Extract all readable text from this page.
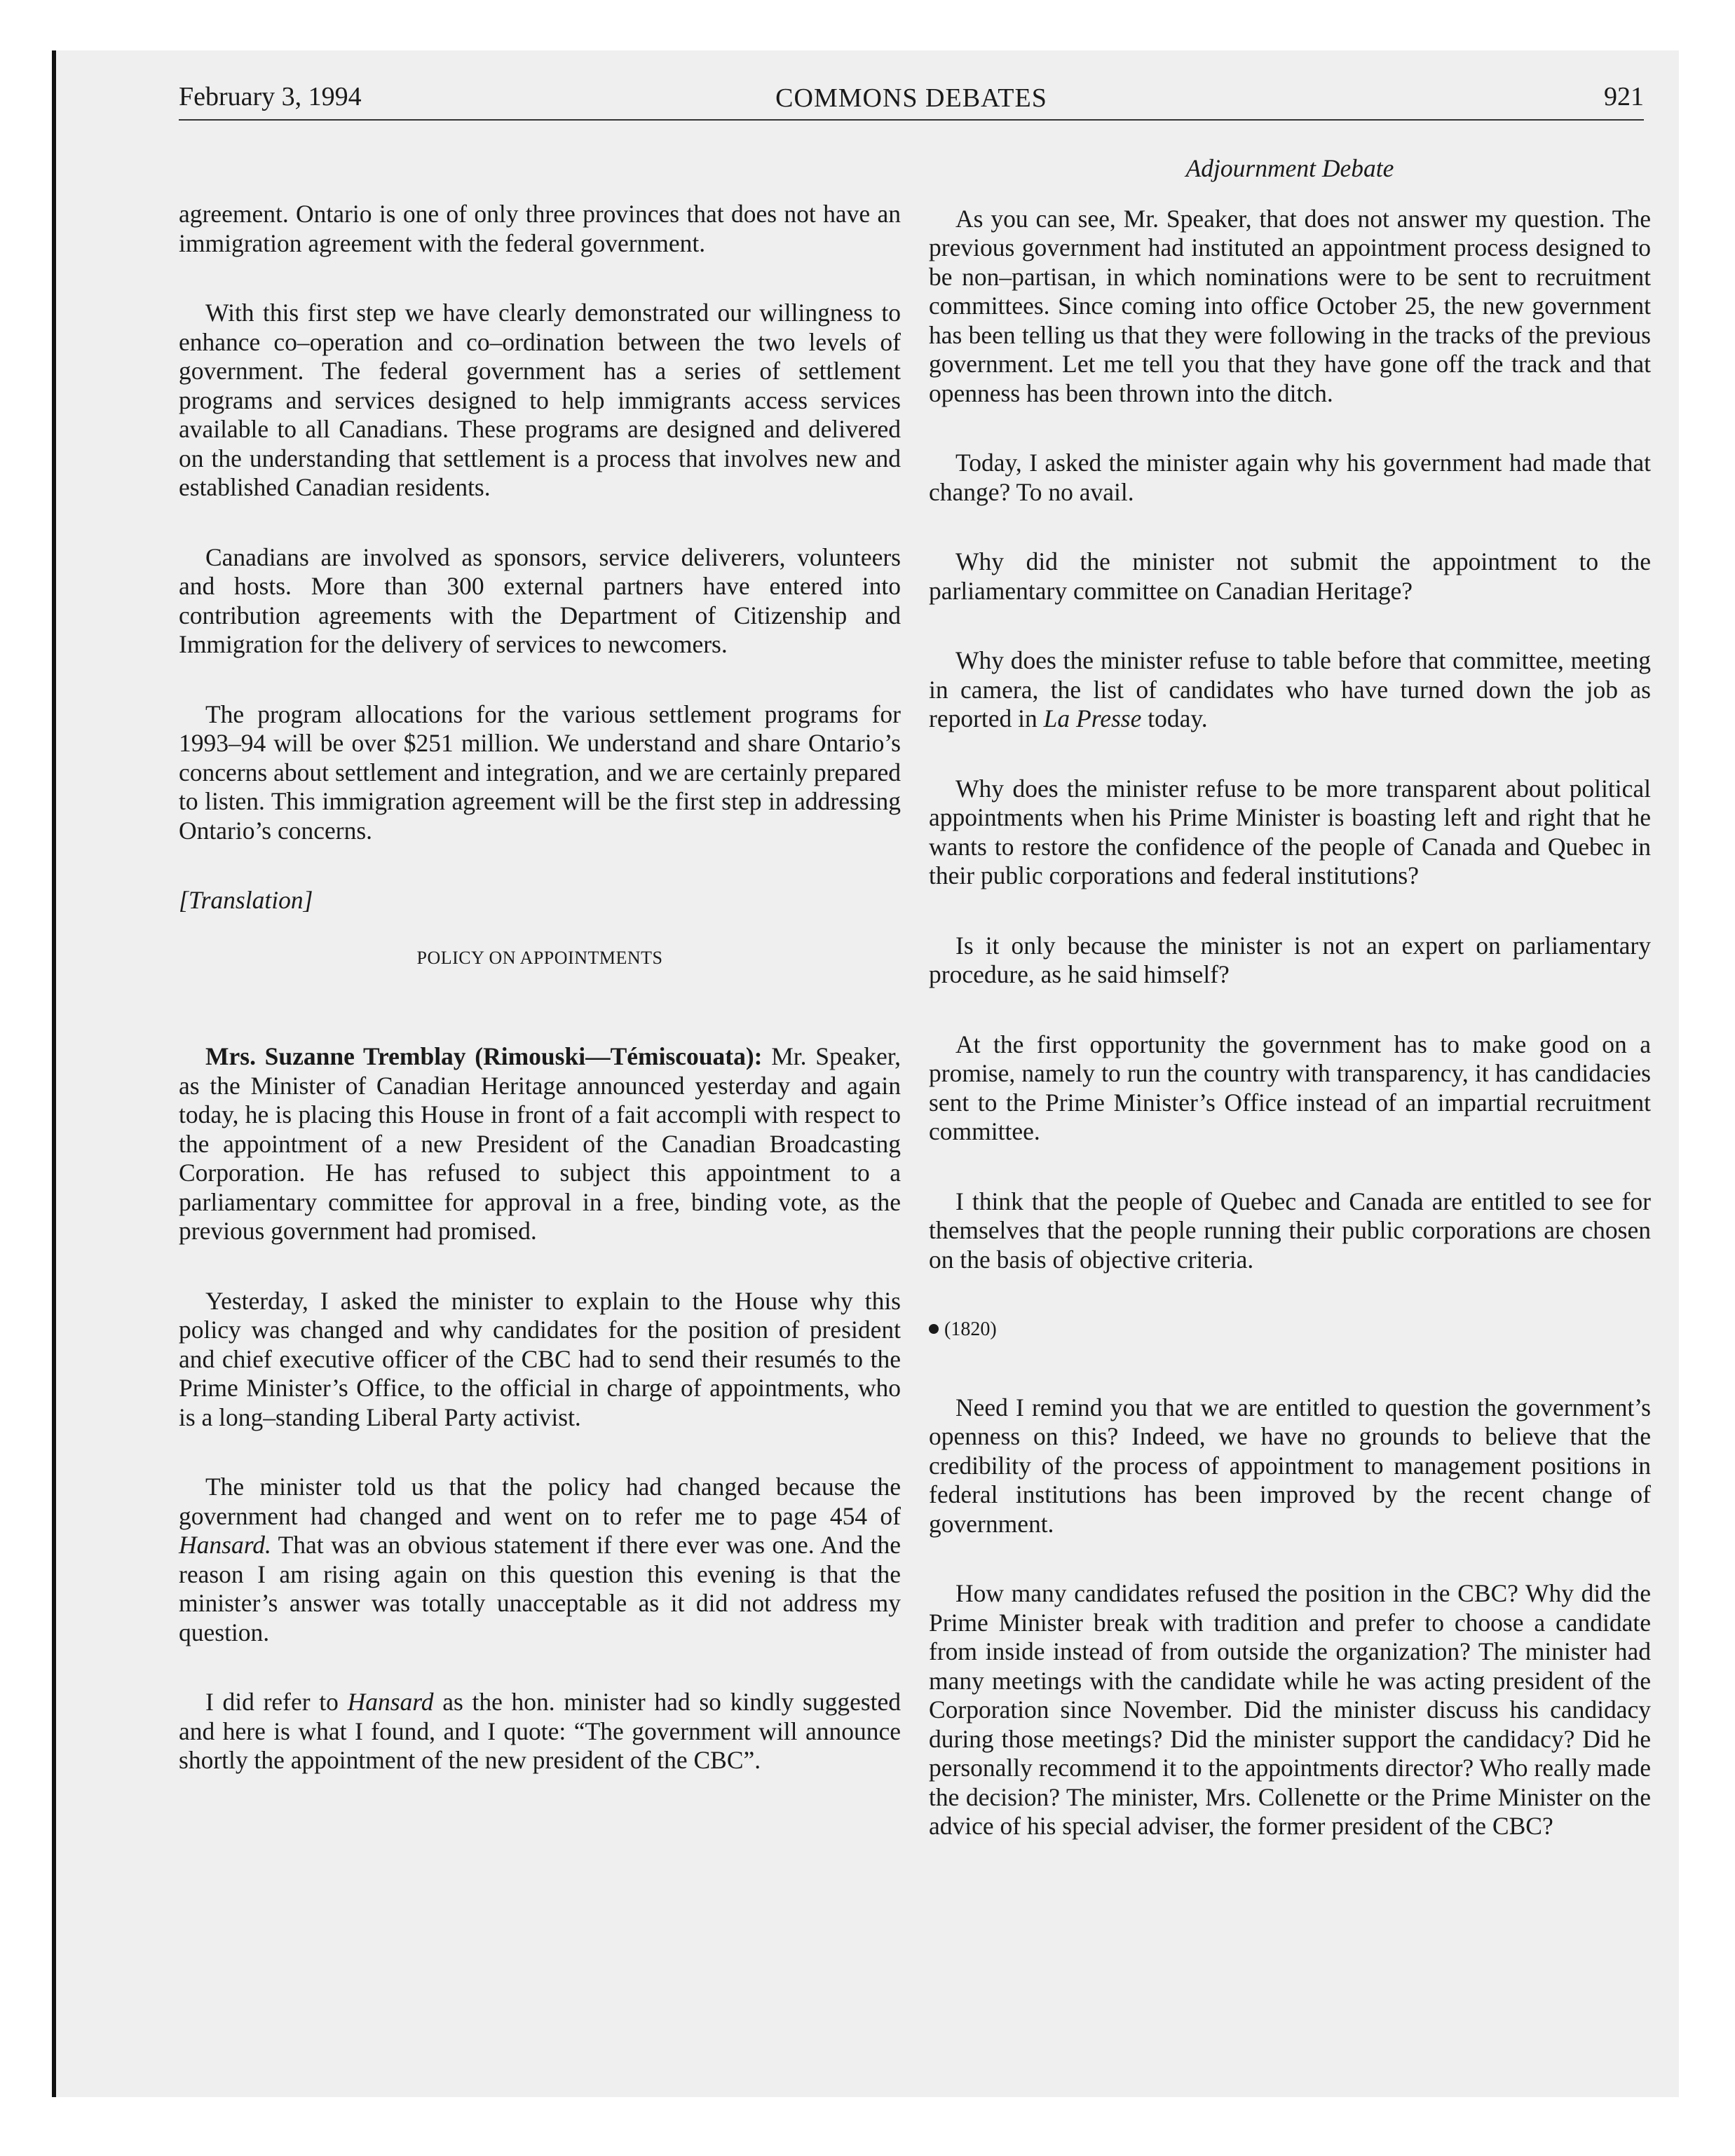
February 3, 1994	COMMONS DEBATES	921

agreement. Ontario is one of only three provinces that does not have an immigration agreement with the federal government.

With this first step we have clearly demonstrated our willingness to enhance co–operation and co–ordination between the two levels of government. The federal government has a series of settlement programs and services designed to help immigrants access services available to all Canadians. These programs are designed and delivered on the understanding that settlement is a process that involves new and established Canadian residents.

Canadians are involved as sponsors, service deliverers, volunteers and hosts. More than 300 external partners have entered into contribution agreements with the Department of Citizenship and Immigration for the delivery of services to newcomers.

The program allocations for the various settlement programs for 1993–94 will be over $251 million. We understand and share Ontario’s concerns about settlement and integration, and we are certainly prepared to listen. This immigration agreement will be the first step in addressing Ontario’s concerns.

[Translation]
POLICY ON APPOINTMENTS

Mrs. Suzanne Tremblay (Rimouski—Témiscouata): Mr. Speaker, as the Minister of Canadian Heritage announced yesterday and again today, he is placing this House in front of a fait accompli with respect to the appointment of a new President of the Canadian Broadcasting Corporation. He has refused to subject this appointment to a parliamentary committee for approval in a free, binding vote, as the previous government had promised.

Yesterday, I asked the minister to explain to the House why this policy was changed and why candidates for the position of president and chief executive officer of the CBC had to send their resumés to the Prime Minister’s Office, to the official in charge of appointments, who is a long–standing Liberal Party activist.

The minister told us that the policy had changed because the government had changed and went on to refer me to page 454 of Hansard. That was an obvious statement if there ever was one. And the reason I am rising again on this question this evening is that the minister’s answer was totally unacceptable as it did not address my question.

I did refer to Hansard as the hon. minister had so kindly suggested and here is what I found, and I quote: “The government will announce shortly the appointment of the new president of the CBC”.

Adjournment Debate

As you can see, Mr. Speaker, that does not answer my question. The previous government had instituted an appointment process designed to be non–partisan, in which nominations were to be sent to recruitment committees. Since coming into office October 25, the new government has been telling us that they were following in the tracks of the previous government. Let me tell you that they have gone off the track and that openness has been thrown into the ditch.

Today, I asked the minister again why his government had made that change? To no avail.

Why did the minister not submit the appointment to the parliamentary committee on Canadian Heritage?

Why does the minister refuse to table before that committee, meeting in camera, the list of candidates who have turned down the job as reported in La Presse today.

Why does the minister refuse to be more transparent about political appointments when his Prime Minister is boasting left and right that he wants to restore the confidence of the people of Canada and Quebec in their public corporations and federal institutions?

Is it only because the minister is not an expert on parliamentary procedure, as he said himself?

At the first opportunity the government has to make good on a promise, namely to run the country with transparency, it has candidacies sent to the Prime Minister’s Office instead of an impartial recruitment committee.

I think that the people of Quebec and Canada are entitled to see for themselves that the people running their public corporations are chosen on the basis of objective criteria.

(1820)

Need I remind you that we are entitled to question the government’s openness on this? Indeed, we have no grounds to believe that the credibility of the process of appointment to management positions in federal institutions has been improved by the recent change of government.

How many candidates refused the position in the CBC? Why did the Prime Minister break with tradition and prefer to choose a candidate from inside instead of from outside the organization? The minister had many meetings with the candidate while he was acting president of the Corporation since November. Did the minister discuss his candidacy during those meetings? Did the minister support the candidacy? Did he personally recommend it to the appointments director? Who really made the decision? The minister, Mrs. Collenette or the Prime Minister on the advice of his special adviser, the former president of the CBC?
